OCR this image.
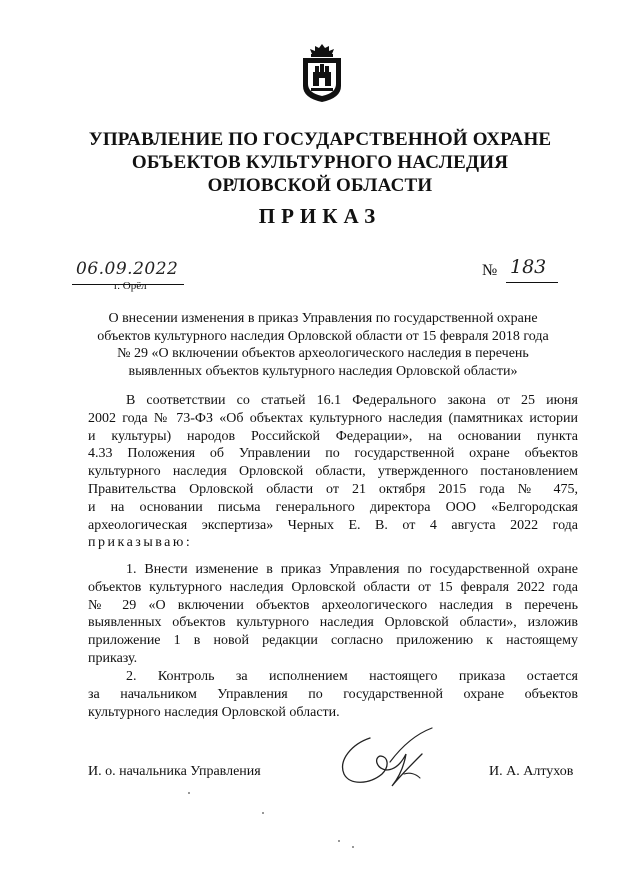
УПРАВЛЕНИЕ ПО ГОСУДАРСТВЕННОЙ ОХРАНЕ
ОБЪЕКТОВ КУЛЬТУРНОГО НАСЛЕДИЯ
ОРЛОВСКОЙ ОБЛАСТИ
ПРИКАЗ
06.09.2022
г. Орёл
№ 183
О внесении изменения в приказ Управления по государственной охране
объектов культурного наследия Орловской области от 15 февраля 2018 года
№ 29 «О включении объектов археологического наследия в перечень
выявленных объектов культурного наследия Орловской области»
В соответствии со статьей 16.1 Федерального закона от 25 июня
2002 года № 73-ФЗ «Об объектах культурного наследия (памятниках истории
и культуры) народов Российской Федерации», на основании пункта
4.33 Положения об Управлении по государственной охране объектов
культурного наследия Орловской области, утвержденного постановлением
Правительства Орловской области от 21 октября 2015 года № 475,
и на основании письма генерального директора ООО «Белгородская
археологическая экспертиза» Черных Е. В. от 4 августа 2022 года
приказываю:
1. Внести изменение в приказ Управления по государственной охране
объектов культурного наследия Орловской области от 15 февраля 2022 года
№ 29 «О включении объектов археологического наследия в перечень
выявленных объектов культурного наследия Орловской области», изложив
приложение 1 в новой редакции согласно приложению к настоящему
приказу.
2. Контроль за исполнением настоящего приказа остается
за начальником Управления по государственной охране объектов
культурного наследия Орловской области.
И. о. начальника Управления	И. А. Алтухов
